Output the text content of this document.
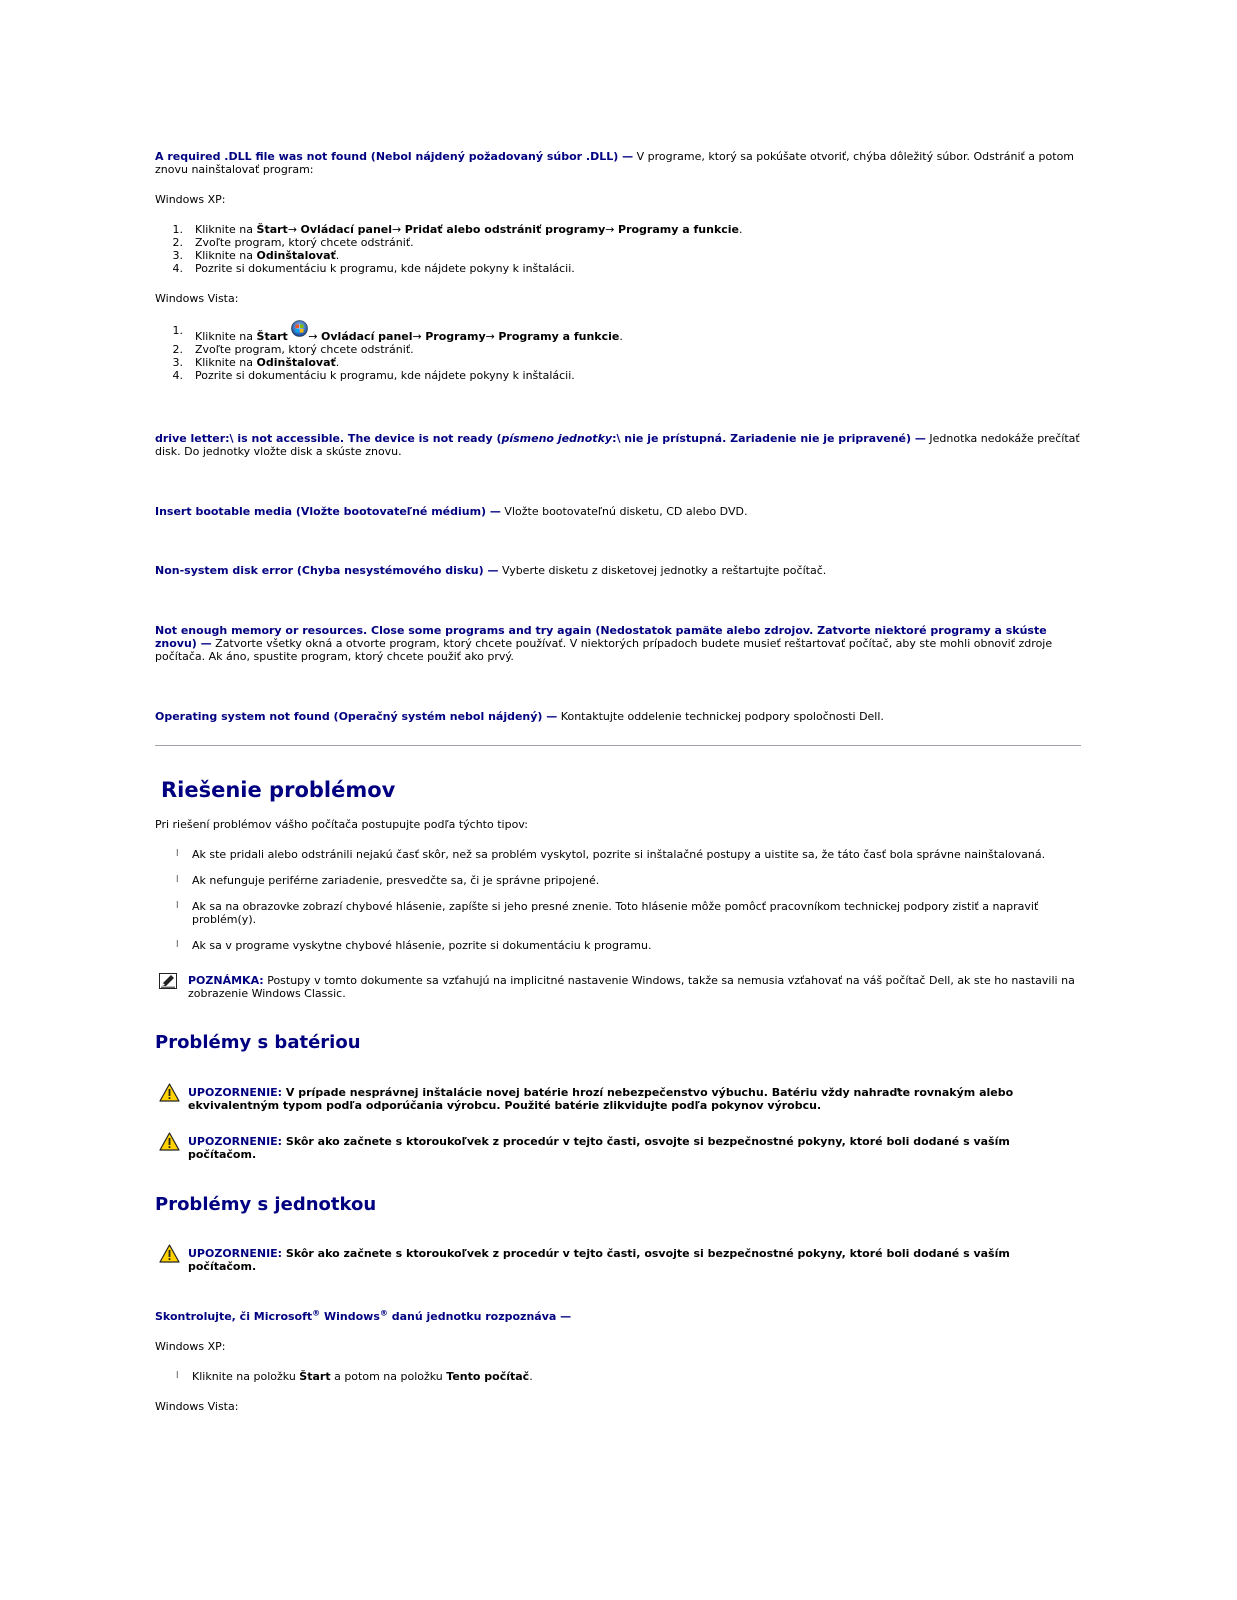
A required .DLL file was not found (Nebol nájdený požadovaný súbor .DLL) — V programe, ktorý sa pokúšate otvoriť, chýba dôležitý súbor. Odstrániť a potom znovu nainštalovať program:

Windows XP:

1. Kliknite na Štart→ Ovládací panel→ Pridať alebo odstrániť programy→ Programy a funkcie.
2. Zvoľte program, ktorý chcete odstrániť.
3. Kliknite na Odinštalovať.
4. Pozrite si dokumentáciu k programu, kde nájdete pokyny k inštalácii.

Windows Vista:

1. Kliknite na Štart → Ovládací panel→ Programy→ Programy a funkcie.
2. Zvoľte program, ktorý chcete odstrániť.
3. Kliknite na Odinštalovať.
4. Pozrite si dokumentáciu k programu, kde nájdete pokyny k inštalácii.

drive letter:\ is not accessible. The device is not ready (písmeno jednotky:\ nie je prístupná. Zariadenie nie je pripravené) — Jednotka nedokáže prečítať disk. Do jednotky vložte disk a skúste znovu.

Insert bootable media (Vložte bootovateľné médium) — Vložte bootovateľnú disketu, CD alebo DVD.

Non-system disk error (Chyba nesystémového disku) — Vyberte disketu z disketovej jednotky a reštartujte počítač.

Not enough memory or resources. Close some programs and try again (Nedostatok pamäte alebo zdrojov. Zatvorte niektoré programy a skúste znovu) — Zatvorte všetky okná a otvorte program, ktorý chcete používať. V niektorých prípadoch budete musieť reštartovať počítač, aby ste mohli obnoviť zdroje počítača. Ak áno, spustite program, ktorý chcete použiť ako prvý.

Operating system not found (Operačný systém nebol nájdený) — Kontaktujte oddelenie technickej podpory spoločnosti Dell.

Riešenie problémov

Pri riešení problémov vášho počítača postupujte podľa týchto tipov:

l Ak ste pridali alebo odstránili nejakú časť skôr, než sa problém vyskytol, pozrite si inštalačné postupy a uistite sa, že táto časť bola správne nainštalovaná.
l Ak nefunguje periférne zariadenie, presvedčte sa, či je správne pripojené.
l Ak sa na obrazovke zobrazí chybové hlásenie, zapíšte si jeho presné znenie. Toto hlásenie môže pomôcť pracovníkom technickej podpory zistiť a napraviť problém(y).
l Ak sa v programe vyskytne chybové hlásenie, pozrite si dokumentáciu k programu.
POZNÁMKA: Postupy v tomto dokumente sa vzťahujú na implicitné nastavenie Windows, takže sa nemusia vzťahovať na váš počítač Dell, ak ste ho nastavili na zobrazenie Windows Classic.
Problémy s batériou
UPOZORNENIE: V prípade nesprávnej inštalácie novej batérie hrozí nebezpečenstvo výbuchu. Batériu vždy nahraďte rovnakým alebo ekvivalentným typom podľa odporúčania výrobcu. Použité batérie zlikvidujte podľa pokynov výrobcu.
UPOZORNENIE: Skôr ako začnete s ktoroukoľvek z procedúr v tejto časti, osvojte si bezpečnostné pokyny, ktoré boli dodané s vaším počítačom.
Problémy s jednotkou
UPOZORNENIE: Skôr ako začnete s ktoroukoľvek z procedúr v tejto časti, osvojte si bezpečnostné pokyny, ktoré boli dodané s vaším počítačom.

Skontrolujte, či Microsoft® Windows® danú jednotku rozpoznáva —

Windows XP:

l Kliknite na položku Štart a potom na položku Tento počítač.

Windows Vista:
